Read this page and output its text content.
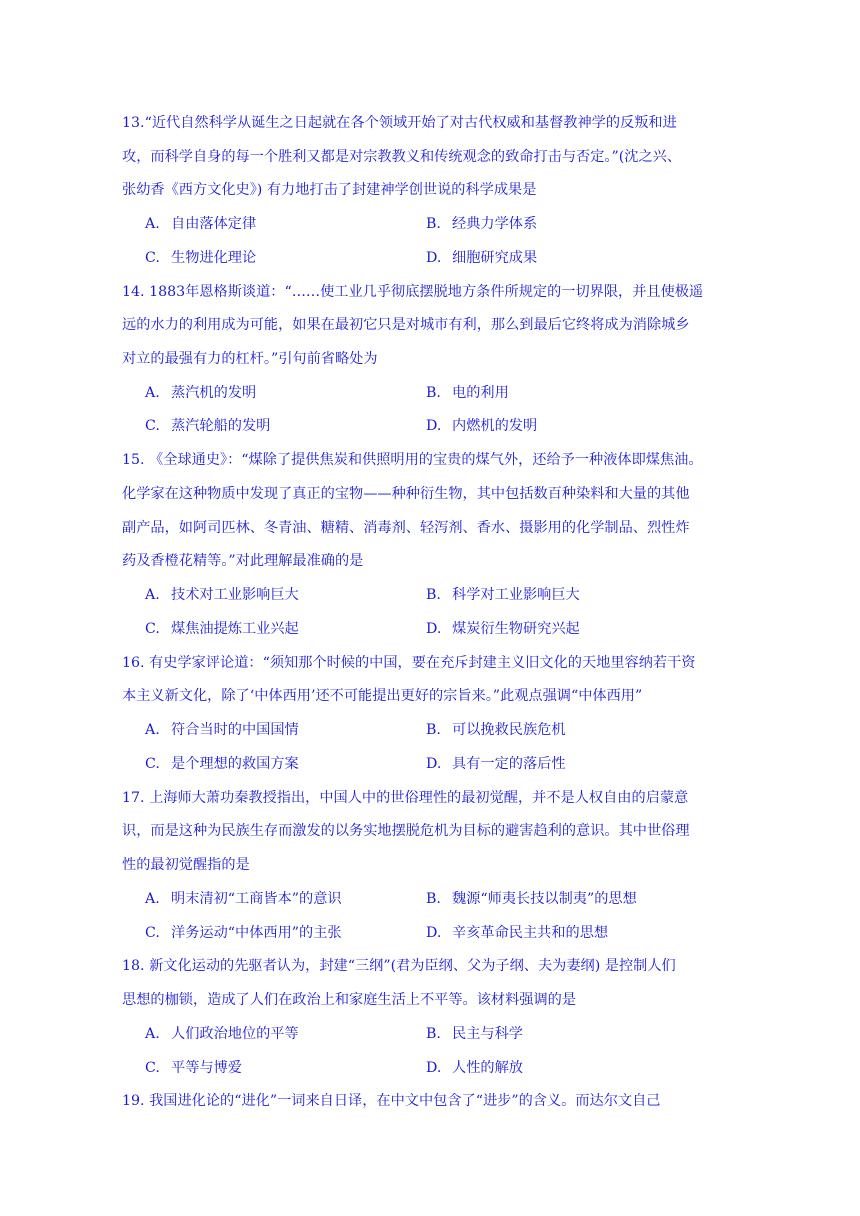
13.“近代自然科学从诞生之日起就在各个领域开始了对古代权威和基督教神学的反叛和进
攻，而科学自身的每一个胜利又都是对宗教教义和传统观念的致命打击与否定。”(沈之兴、
张幼香《西方文化史》) 有力地打击了封建神学创世说的科学成果是
A. 自由落体定律	B. 经典力学体系
C. 生物进化理论	D. 细胞研究成果
14. 1883年恩格斯谈道：“……使工业几乎彻底摆脱地方条件所规定的一切界限，并且使极遥
远的水力的利用成为可能，如果在最初它只是对城市有利，那么到最后它终将成为消除城乡
对立的最强有力的杠杆。”引句前省略处为
A. 蒸汽机的发明	B. 电的利用
C. 蒸汽轮船的发明	D. 内燃机的发明
15. 《全球通史》：“煤除了提供焦炭和供照明用的宝贵的煤气外，还给予一种液体即煤焦油。
化学家在这种物质中发现了真正的宝物——种种衍生物，其中包括数百种染料和大量的其他
副产品，如阿司匹林、冬青油、糖精、消毒剂、轻泻剂、香水、摄影用的化学制品、烈性炸
药及香橙花精等。”对此理解最准确的是
A. 技术对工业影响巨大	B. 科学对工业影响巨大
C. 煤焦油提炼工业兴起	D. 煤炭衍生物研究兴起
16. 有史学家评论道：“须知那个时候的中国，要在充斥封建主义旧文化的天地里容纳若干资
本主义新文化，除了‘中体西用’还不可能提出更好的宗旨来。”此观点强调“中体西用”
A. 符合当时的中国国情	B. 可以挽救民族危机
C. 是个理想的救国方案	D. 具有一定的落后性
17. 上海师大萧功秦教授指出，中国人中的世俗理性的最初觉醒，并不是人权自由的启蒙意
识，而是这种为民族生存而激发的以务实地摆脱危机为目标的避害趋利的意识。其中世俗理
性的最初觉醒指的是
A. 明末清初“工商皆本”的意识	B. 魏源“师夷长技以制夷”的思想
C. 洋务运动“中体西用”的主张	D. 辛亥革命民主共和的思想
18. 新文化运动的先驱者认为，封建“三纲”(君为臣纲、父为子纲、夫为妻纲) 是控制人们
思想的枷锁，造成了人们在政治上和家庭生活上不平等。该材料强调的是
A. 人们政治地位的平等	B. 民主与科学
C. 平等与博爱	D. 人性的解放
19. 我国进化论的“进化”一词来自日译，在中文中包含了“进步”的含义。而达尔文自己
